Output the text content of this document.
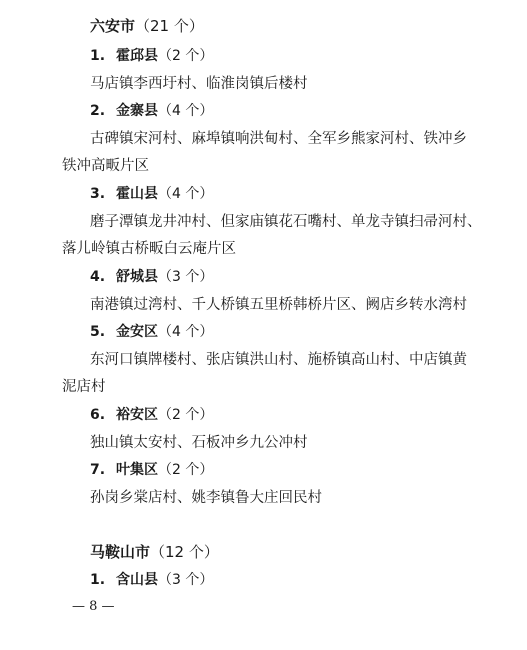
六安市（21 个）
1. 霍邱县（2 个）
马店镇李西圩村、临淮岗镇后楼村
2. 金寨县（4 个）
古碑镇宋河村、麻埠镇响洪甸村、全军乡熊家河村、铁冲乡
铁冲高畈片区
3. 霍山县（4 个）
磨子潭镇龙井冲村、但家庙镇花石嘴村、单龙寺镇扫帚河村、
落儿岭镇古桥畈白云庵片区
4. 舒城县（3 个）
南港镇过湾村、千人桥镇五里桥韩桥片区、阙店乡转水湾村
5. 金安区（4 个）
东河口镇牌楼村、张店镇洪山村、施桥镇高山村、中店镇黄
泥店村
6. 裕安区（2 个）
独山镇太安村、石板冲乡九公冲村
7. 叶集区（2 个）
孙岗乡棠店村、姚李镇鲁大庄回民村
马鞍山市（12 个）
1. 含山县（3 个）
— 8 —
